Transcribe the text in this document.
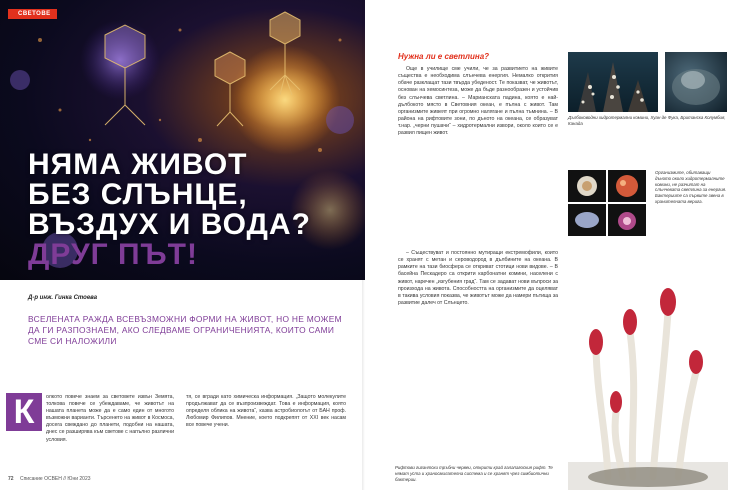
СВЕТОВЕ
НЯМА ЖИВОТ
БЕЗ СЛЪНЦЕ,
ВЪЗДУХ И ВОДА?
ДРУГ ПЪТ!
Д-р инж. Гинка Стоева
ВСЕЛЕНАТА РАЖДА ВСЕВЪЗМОЖНИ ФОРМИ НА ЖИВОТ, НО НЕ МОЖЕМ ДА ГИ РАЗПОЗНАЕМ, АКО СЛЕДВАМЕ ОГРАНИЧЕНИЯТА, КОИТО САМИ СМЕ СИ НАЛОЖИЛИ
К	олкото повече знаем за световете извън Земята, толкова повече се убеждаваме, че животът на нашата планета може да е само един от многото възможни варианти. Търсенето на живот в Космоса, досега свеждано до планети, подобни на нашата, днес се разширява към светове с напълно различни условия.

тя, се вгради като химическа информация. „Защото молекулите продължават да се възпроизвеждат. Това е информация, която определя облика на живота“, казва астробиологът от БАН проф. Любомир Филипов. Мнение, което подкрепят от XXI век насам все повече учени.

72 Списание ОСВЕН // Юни 2023
Нужна ли е светлина?

Още в училище сме учили, че за развитието на живите същества е необходима слънчева енергия. Немалко открития обаче разклащат тази твърда убеденост. Те показват, че животът, основан на хемосинтеза, може да бъде разнообразен и устойчив без слънчева светлина. – Марианската падина, която е най-дълбокото място в Световния океан, е пълна с живот. Там организмите живеят при огромно налягане и пълна тъмнина. – В района на рифтовите зони, по дъното на океана, се образуват т.нар. „черни пушачи“ – хидротермални извори, около които се е развил пищен живот.

– Съществуват и постоянно мутиращи екстремофили, които се хранят с метан и сероводород в дълбините на океана. В рамките на тази биосфера се откриват стотици нови видове. – В басейна Пескадеро са открити карбонатни комини, населени с живот, наречен „изгубения град“. Там се задават нови въпроси за произхода на живота. Способността на организмите да оцеляват в такива условия показва, че животът може да намери пътища за развитие далеч от Слънцето.

Дълбоководни хидротермални комини, Хуан де Фука, Британска Колумбия, Канада
Организмите, обитаващи дъното около хидротермалните комини, не разчитат на слънчевата светлина за енергия. Бактериите са първите звена в хранителната верига.
Рифтови гигантски тръбни червеи, открити край галапагоския рифт. Те нямат уста и храносмилателна система и се хранят чрез симбиотични бактерии.
